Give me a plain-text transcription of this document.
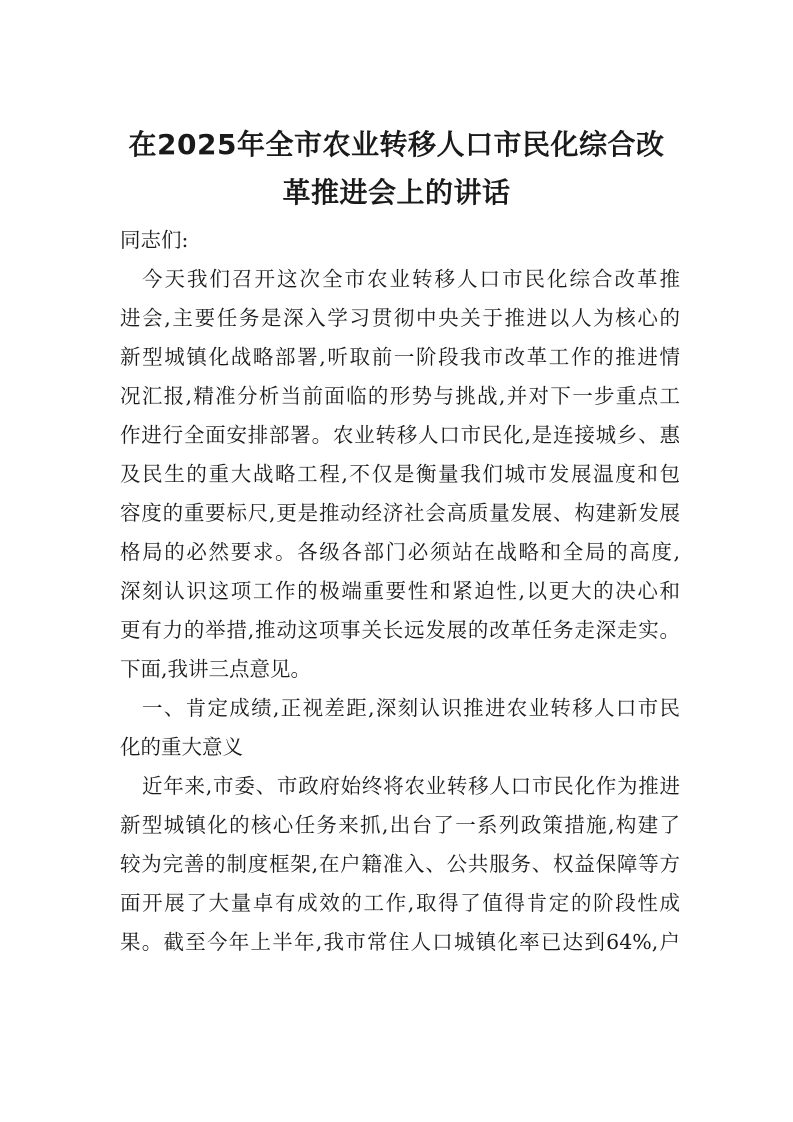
在2025年全市农业转移人口市民化综合改
革推进会上的讲话
同志们:
今天我们召开这次全市农业转移人口市民化综合改革推
进会,主要任务是深入学习贯彻中央关于推进以人为核心的
新型城镇化战略部署,听取前一阶段我市改革工作的推进情
况汇报,精准分析当前面临的形势与挑战,并对下一步重点工
作进行全面安排部署。农业转移人口市民化,是连接城乡、惠
及民生的重大战略工程,不仅是衡量我们城市发展温度和包
容度的重要标尺,更是推动经济社会高质量发展、构建新发展
格局的必然要求。各级各部门必须站在战略和全局的高度,
深刻认识这项工作的极端重要性和紧迫性,以更大的决心和
更有力的举措,推动这项事关长远发展的改革任务走深走实。
下面,我讲三点意见。
一、肯定成绩,正视差距,深刻认识推进农业转移人口市民
化的重大意义
近年来,市委、市政府始终将农业转移人口市民化作为推进
新型城镇化的核心任务来抓,出台了一系列政策措施,构建了
较为完善的制度框架,在户籍准入、公共服务、权益保障等方
面开展了大量卓有成效的工作,取得了值得肯定的阶段性成
果。截至今年上半年,我市常住人口城镇化率已达到64%,户
